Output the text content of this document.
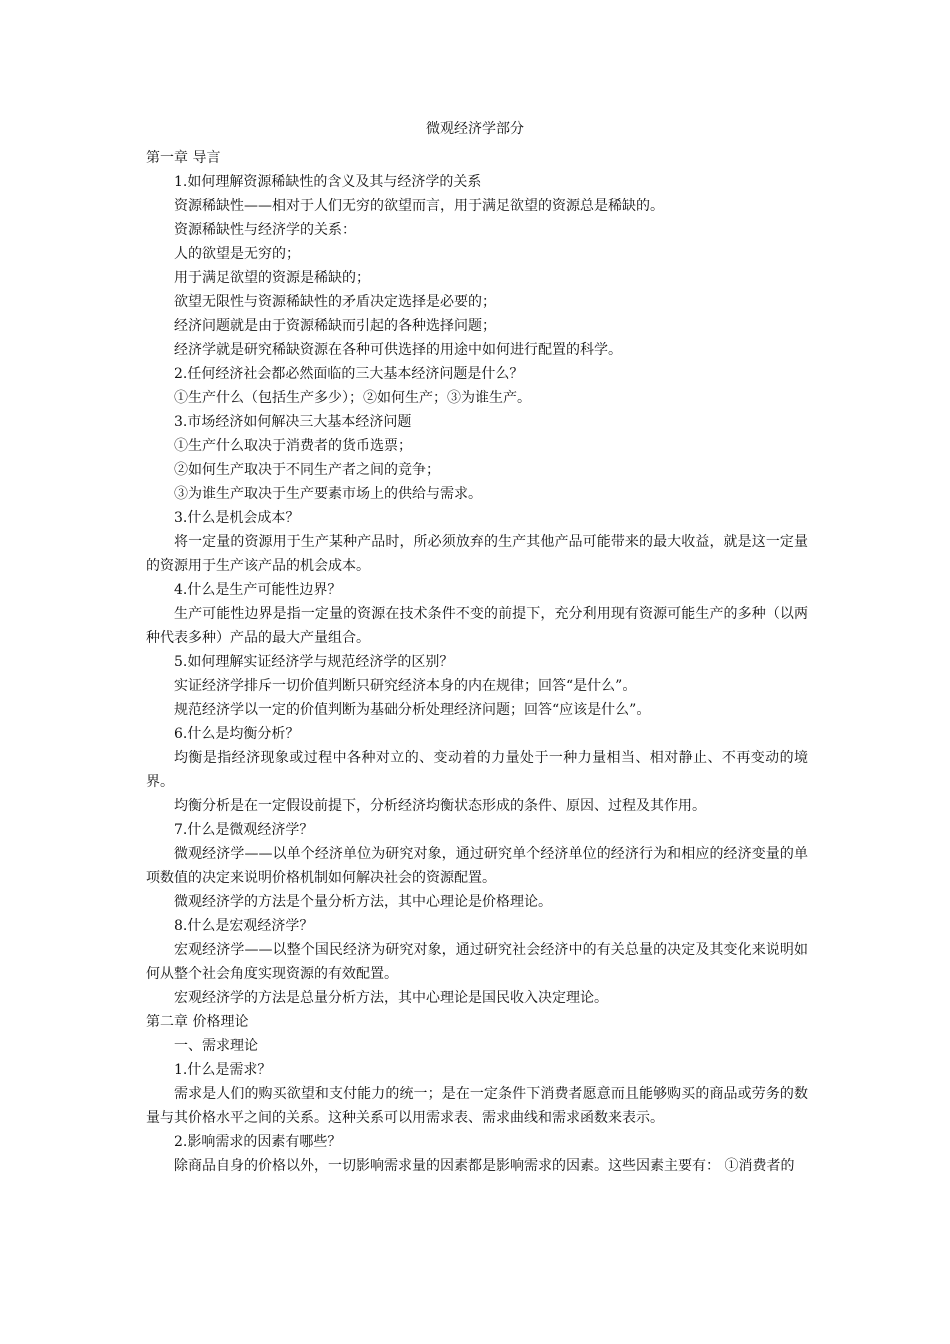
微观经济学部分
第一章 导言
1.如何理解资源稀缺性的含义及其与经济学的关系
资源稀缺性——相对于人们无穷的欲望而言，用于满足欲望的资源总是稀缺的。
资源稀缺性与经济学的关系：
人的欲望是无穷的；
用于满足欲望的资源是稀缺的；
欲望无限性与资源稀缺性的矛盾决定选择是必要的；
经济问题就是由于资源稀缺而引起的各种选择问题；
经济学就是研究稀缺资源在各种可供选择的用途中如何进行配置的科学。
2.任何经济社会都必然面临的三大基本经济问题是什么？
①生产什么（包括生产多少）；②如何生产；③为谁生产。
3.市场经济如何解决三大基本经济问题
①生产什么取决于消费者的货币选票；
②如何生产取决于不同生产者之间的竞争；
③为谁生产取决于生产要素市场上的供给与需求。
3.什么是机会成本？
将一定量的资源用于生产某种产品时，所必须放弃的生产其他产品可能带来的最大收益，就是这一定量的资源用于生产该产品的机会成本。
4.什么是生产可能性边界？
生产可能性边界是指一定量的资源在技术条件不变的前提下，充分利用现有资源可能生产的多种（以两种代表多种）产品的最大产量组合。
5.如何理解实证经济学与规范经济学的区别？
实证经济学排斥一切价值判断只研究经济本身的内在规律；回答“是什么”。
规范经济学以一定的价值判断为基础分析处理经济问题；回答“应该是什么”。
6.什么是均衡分析？
均衡是指经济现象或过程中各种对立的、变动着的力量处于一种力量相当、相对静止、不再变动的境界。
均衡分析是在一定假设前提下，分析经济均衡状态形成的条件、原因、过程及其作用。
7.什么是微观经济学？
微观经济学——以单个经济单位为研究对象，通过研究单个经济单位的经济行为和相应的经济变量的单项数值的决定来说明价格机制如何解决社会的资源配置。
微观经济学的方法是个量分析方法，其中心理论是价格理论。
8.什么是宏观经济学？
宏观经济学——以整个国民经济为研究对象，通过研究社会经济中的有关总量的决定及其变化来说明如何从整个社会角度实现资源的有效配置。
宏观经济学的方法是总量分析方法，其中心理论是国民收入决定理论。
第二章 价格理论
一、需求理论
1.什么是需求？
需求是人们的购买欲望和支付能力的统一；是在一定条件下消费者愿意而且能够购买的商品或劳务的数量与其价格水平之间的关系。这种关系可以用需求表、需求曲线和需求函数来表示。
2.影响需求的因素有哪些？
除商品自身的价格以外，一切影响需求量的因素都是影响需求的因素。这些因素主要有： ①消费者的
